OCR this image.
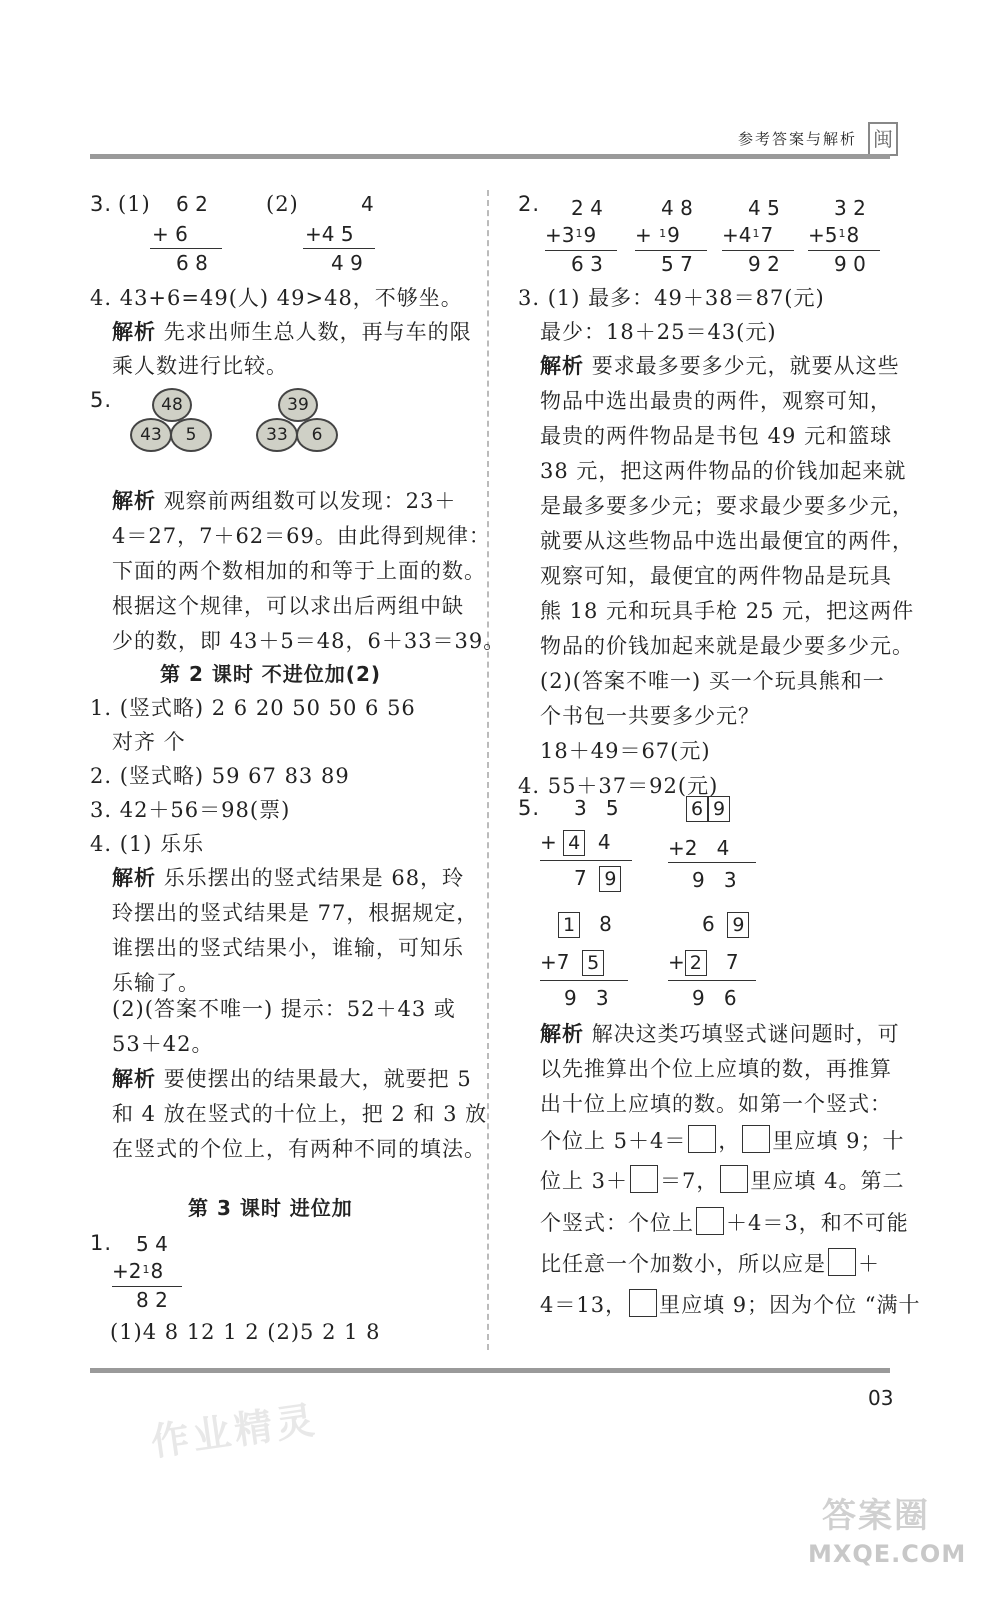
参考答案与解析 闽
3. (1) 6 2
+ 6
6 8
(2)	4
+4 5
4 9
4. 43+6=49(人) 49>48，不够坐。
解析 先求出师生总人数，再与车的限
乘人数进行比较。
5.	48
43	5
39
33	6
解析 观察前两组数可以发现：23＋
4＝27，7＋62＝69。由此得到规律：
下面的两个数相加的和等于上面的数。
根据这个规律，可以求出后两组中缺
少的数，即 43＋5＝48，6＋33＝39。
第 2 课时 不进位加(2)
1. (竖式略) 2 6 20 50 50 6 56
对齐 个
2. (竖式略) 59 67 83 89
3. 42＋56＝98(票)
4. (1) 乐乐
解析 乐乐摆出的竖式结果是 68，玲
玲摆出的竖式结果是 77，根据规定，
谁摆出的竖式结果小，谁输，可知乐
乐输了。
(2)(答案不唯一) 提示：52＋43 或
53＋42。
解析 要使摆出的结果最大，就要把 5
和 4 放在竖式的十位上，把 2 和 3 放
在竖式的个位上，有两种不同的填法。
第 3 课时 进位加
1. 5 4
$+2^18$
8 2
(1)4 8 12 1 2 (2)5 2 1 8
2. 2 4
$+3^19$
6 3
4 8
+ $^1$9
5 7
4 5
$+4^17$
9 2
3 2
$+5^18$
9 0
3. (1) 最多：49＋38＝87(元)
最少：18＋25＝43(元)
解析 要求最多要多少元，就要从这些
物品中选出最贵的两件，观察可知，
最贵的两件物品是书包 49 元和篮球
38 元，把这两件物品的价钱加起来就
是最多要多少元；要求最少要多少元，
就要从这些物品中选出最便宜的两件，
观察可知，最便宜的两件物品是玩具
熊 18 元和玩具手枪 25 元，把这两件
物品的价钱加起来就是最少要多少元。
(2)(答案不唯一) 买一个玩具熊和一
个书包一共要多少元？
18＋49＝67(元)
4. 55＋37＝92(元)
5. 3 5
+ 4 4
7 9
6 9
+2 4
9 3
1 8
+7 5
9 3
6 9
+ 2 7
9 6
解析 解决这类巧填竖式谜问题时，可
以先推算出个位上应填的数，再推算
出十位上应填的数。如第一个竖式：
个位上 5＋4＝ ， 里应填 9；十
位上 3＋ ＝7， 里应填 4。第二
个竖式：个位上 ＋4＝3，和不可能
比任意一个加数小，所以应是 ＋
4＝13， 里应填 9；因为个位 “满十
03
作业精灵
答案圈
MXQE.COM
